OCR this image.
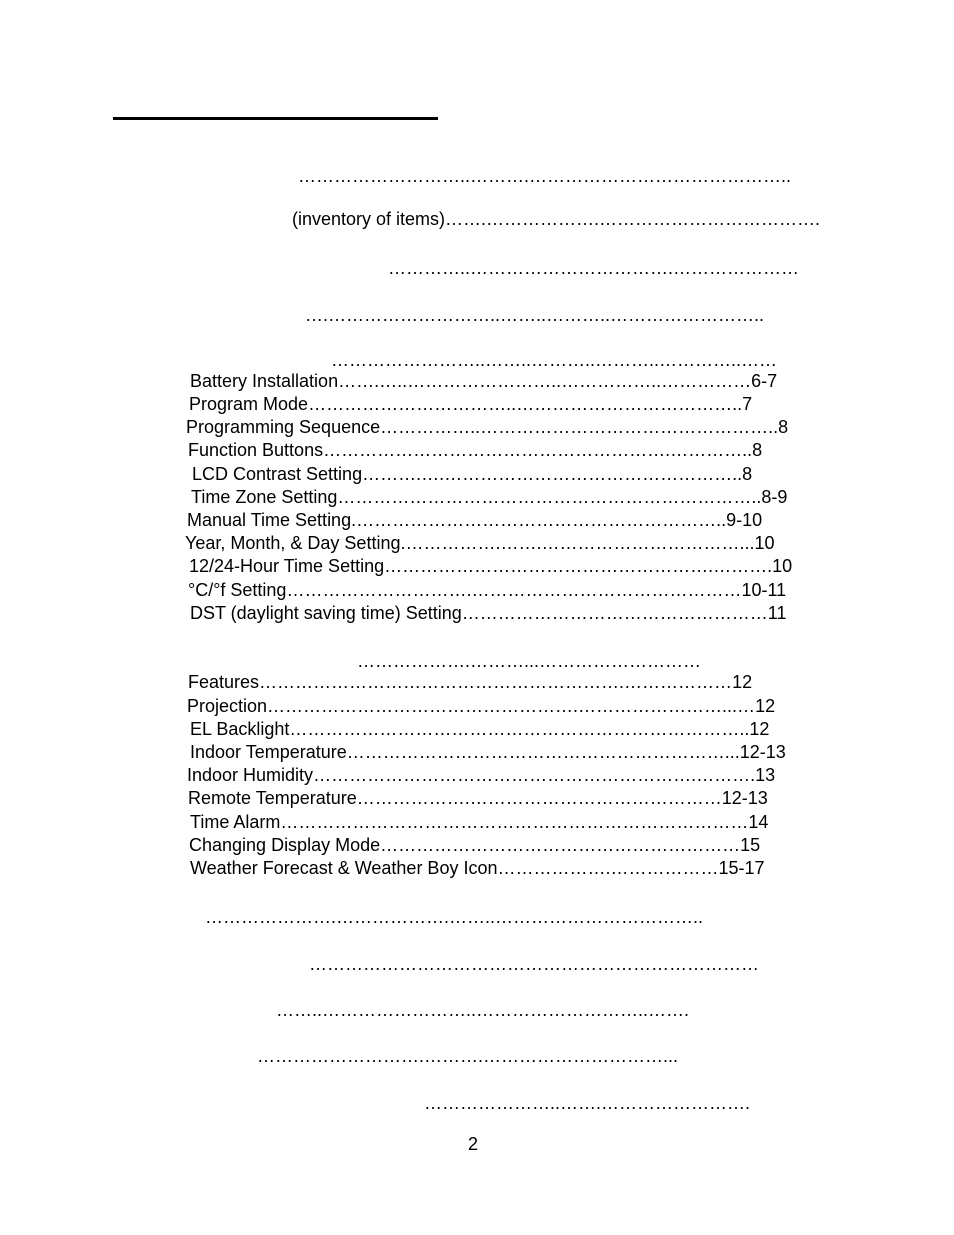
………………………..……….……………………………………..
(inventory of items)…….……………….……………………………….
…………..…………………………….…………………
….………………………..……..………..……………………..
……………………..……..………..………..…………..……
Battery Installation…….…..……………………..……………..……………6-7
Program Mode……………………………..………………………………..7
Programming Sequence……………..…………………………………………..8
Function Buttons………………………………………………….…………..8
LCD Contrast Setting……….….…………………………………………..8
Time Zone Setting……………………………………………………………..8-9
Manual Time Setting.……………………………………………………..9-10
Year, Month, & Day Setting.…………….…….……………………………...10
12/24-Hour Time Setting……………………………………………….……….10
°C/°f Setting………………………….………………………………………10-11
DST (daylight saving time) Setting……………………………………………11
……………….………...………………………
Features…………………………………………………….………………12
Projection…………………………………………….……………………...…12
EL Backlight…………………………………………………………………..12
Indoor Temperature………………………………………………………...12-13
Indoor Humidity……………………………………………………….……….13
Remote Temperature……………….……………………………………12-13
Time Alarm……………………………………………………………………14
Changing Display Mode……………………………………………………15
Weather Forecast & Weather Boy Icon……………….………………15-17
………………….……………….……..……………………………..
…………………………………………………………………
……..……………………..………………………..…….
……………………….……….…………………………...
…………………..…….…………………….
2
